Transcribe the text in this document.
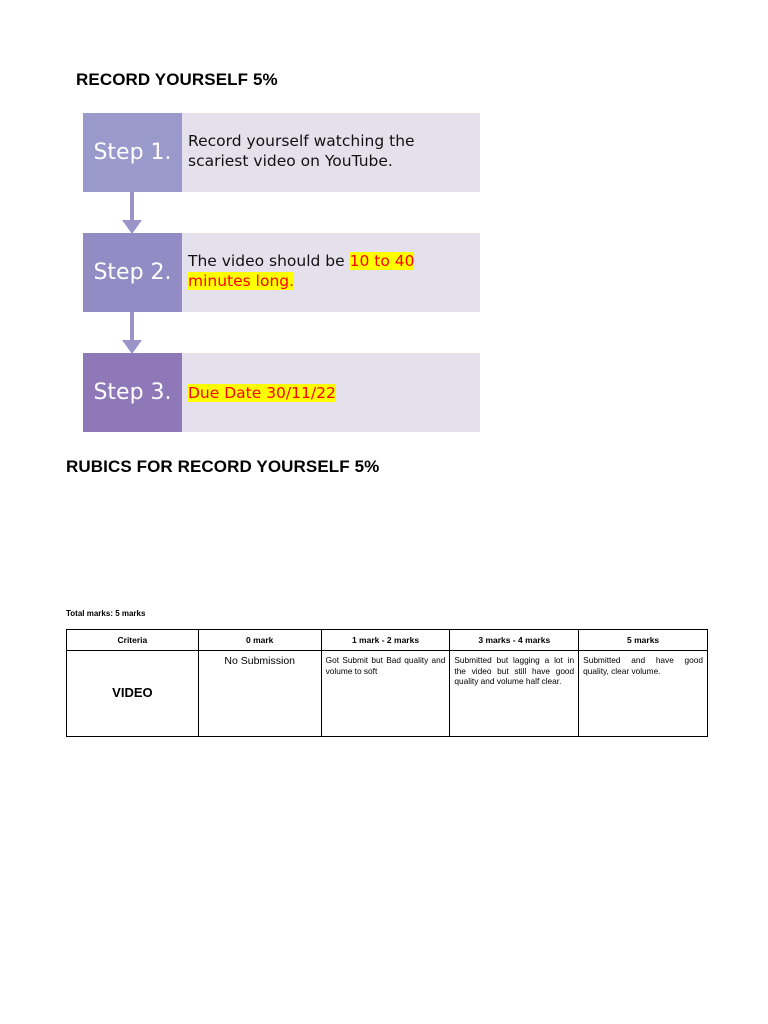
RECORD YOURSELF 5%
Step 1.	Record yourself watching the scariest video on YouTube.
Step 2.	The video should be 10 to 40 minutes long.
Step 3.	Due Date 30/11/22
RUBICS FOR RECORD YOURSELF 5%
Total marks: 5 marks
Criteria	0 mark	1 mark - 2 marks	3 marks - 4 marks	5 marks
VIDEO	No Submission	Got Submit but Bad quality and volume to soft	Submitted but lagging a lot in the video but still have good quality and volume half clear.	Submitted and have good quality, clear volume.
